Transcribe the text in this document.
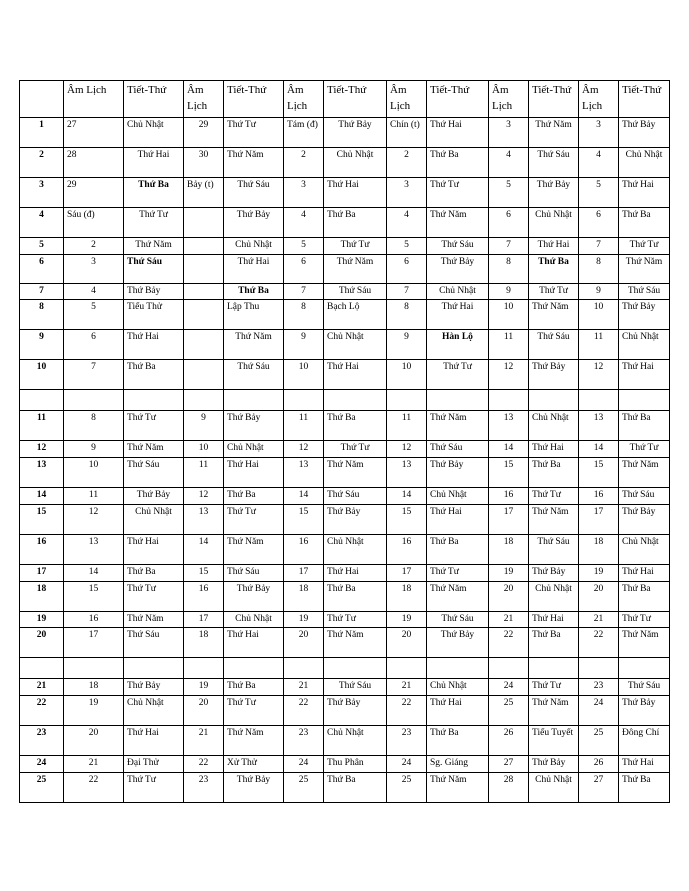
	Âm Lịch	Tiết-Thứ	Âm Lịch	Tiết-Thứ	Âm Lịch	Tiết-Thứ	Âm Lịch	Tiết-Thứ	Âm Lịch	Tiết-Thứ	Âm Lịch	Tiết-Thứ
1	27	Chủ Nhật	29	Thứ Tư	Tám (đ)	Thứ Bảy	Chín (t)	Thứ Hai	3	Thứ Năm	3	Thứ Bảy
2	28	Thứ Hai	30	Thứ Năm	2	Chủ Nhật	2	Thứ Ba	4	Thứ Sáu	4	Chủ Nhật
3	29	Thứ Ba	Bảy (t)	Thứ Sáu	3	Thứ Hai	3	Thứ Tư	5	Thứ Bảy	5	Thứ Hai
4	Sáu (đ)	Thứ Tư		Thứ Bảy	4	Thứ Ba	4	Thứ Năm	6	Chủ Nhật	6	Thứ Ba
5	2	Thứ Năm		Chủ Nhật	5	Thứ Tư	5	Thứ Sáu	7	Thứ Hai	7	Thứ Tư
6	3	Thứ Sáu		Thứ Hai	6	Thứ Năm	6	Thứ Bảy	8	Thứ Ba	8	Thứ Năm
7	4	Thứ Bảy		Thứ Ba	7	Thứ Sáu	7	Chủ Nhật	9	Thứ Tư	9	Thứ Sáu
8	5	Tiểu Thử		Lập Thu	8	Bạch Lộ	8	Thứ Hai	10	Thứ Năm	10	Thứ Bảy
9	6	Thứ Hai		Thứ Năm	9	Chủ Nhật	9	Hàn Lộ	11	Thứ Sáu	11	Chủ Nhật
10	7	Thứ Ba		Thứ Sáu	10	Thứ Hai	10	Thứ Tư	12	Thứ Bảy	12	Thứ Hai

11	8	Thứ Tư	9	Thứ Bảy	11	Thứ Ba	11	Thứ Năm	13	Chủ Nhật	13	Thứ Ba
12	9	Thứ Năm	10	Chủ Nhật	12	Thứ Tư	12	Thứ Sáu	14	Thứ Hai	14	Thứ Tư
13	10	Thứ Sáu	11	Thứ Hai	13	Thứ Năm	13	Thứ Bảy	15	Thứ Ba	15	Thứ Năm
14	11	Thứ Bảy	12	Thứ Ba	14	Thứ Sáu	14	Chủ Nhật	16	Thứ Tư	16	Thứ Sáu
15	12	Chủ Nhật	13	Thứ Tư	15	Thứ Bảy	15	Thứ Hai	17	Thứ Năm	17	Thứ Bảy
16	13	Thứ Hai	14	Thứ Năm	16	Chủ Nhật	16	Thứ Ba	18	Thứ Sáu	18	Chủ Nhật
17	14	Thứ Ba	15	Thứ Sáu	17	Thứ Hai	17	Thứ Tư	19	Thứ Bảy	19	Thứ Hai
18	15	Thứ Tư	16	Thứ Bảy	18	Thứ Ba	18	Thứ Năm	20	Chủ Nhật	20	Thứ Ba
19	16	Thứ Năm	17	Chủ Nhật	19	Thứ Tư	19	Thứ Sáu	21	Thứ Hai	21	Thứ Tư
20	17	Thứ Sáu	18	Thứ Hai	20	Thứ Năm	20	Thứ Bảy	22	Thứ Ba	22	Thứ Năm

21	18	Thứ Bảy	19	Thứ Ba	21	Thứ Sáu	21	Chủ Nhật	24	Thứ Tư	23	Thứ Sáu
22	19	Chủ Nhật	20	Thứ Tư	22	Thứ Bảy	22	Thứ Hai	25	Thứ Năm	24	Thứ Bảy
23	20	Thứ Hai	21	Thứ Năm	23	Chủ Nhật	23	Thứ Ba	26	Tiểu Tuyết	25	Đông Chí
24	21	Đại Thử	22	Xử Thử	24	Thu Phân	24	Sg. Giáng	27	Thứ Bảy	26	Thứ Hai
25	22	Thứ Tư	23	Thứ Bảy	25	Thứ Ba	25	Thứ Năm	28	Chủ Nhật	27	Thứ Ba
